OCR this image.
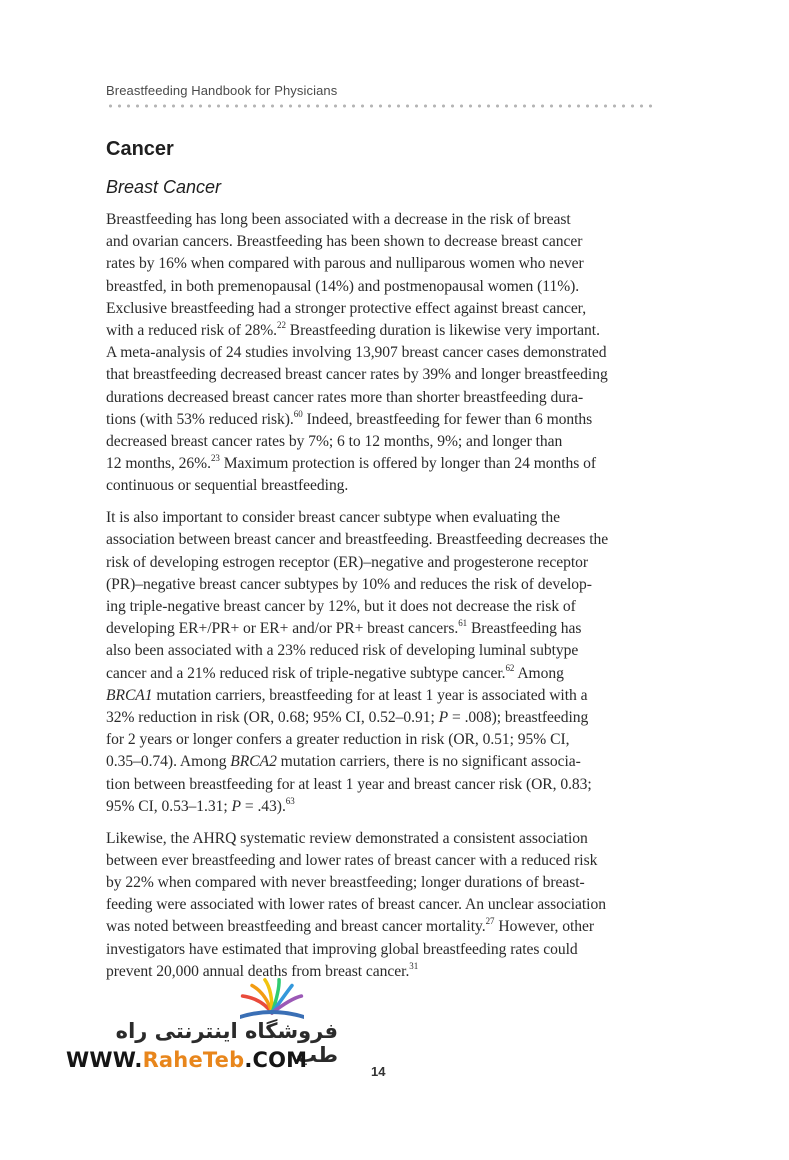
Breastfeeding Handbook for Physicians
Cancer
Breast Cancer

Breastfeeding has long been associated with a decrease in the risk of breast
and ovarian cancers. Breastfeeding has been shown to decrease breast cancer
rates by 16% when compared with parous and nulliparous women who never
breastfed, in both premenopausal (14%) and postmenopausal women (11%).
Exclusive breastfeeding had a stronger protective effect against breast cancer,
with a reduced risk of 28%.$^{22}$ Breastfeeding duration is likewise very important.
A meta-analysis of 24 studies involving 13,907 breast cancer cases demonstrated
that breastfeeding decreased breast cancer rates by 39% and longer breastfeeding
durations decreased breast cancer rates more than shorter breastfeeding dura-
tions (with 53% reduced risk).$^{60}$ Indeed, breastfeeding for fewer than 6 months
decreased breast cancer rates by 7%; 6 to 12 months, 9%; and longer than
12 months, 26%.$^{23}$ Maximum protection is offered by longer than 24 months of
continuous or sequential breastfeeding.

It is also important to consider breast cancer subtype when evaluating the
association between breast cancer and breastfeeding. Breastfeeding decreases the
risk of developing estrogen receptor (ER)–negative and progesterone receptor
(PR)–negative breast cancer subtypes by 10% and reduces the risk of develop-
ing triple-negative breast cancer by 12%, but it does not decrease the risk of
developing ER+/PR+ or ER+ and/or PR+ breast cancers.$^{61}$ Breastfeeding has
also been associated with a 23% reduced risk of developing luminal subtype
cancer and a 21% reduced risk of triple-negative subtype cancer.$^{62}$ Among
BRCA1 mutation carriers, breastfeeding for at least 1 year is associated with a
32% reduction in risk (OR, 0.68; 95% CI, 0.52–0.91; P = .008); breastfeeding
for 2 years or longer confers a greater reduction in risk (OR, 0.51; 95% CI,
0.35–0.74). Among BRCA2 mutation carriers, there is no significant associa-
tion between breastfeeding for at least 1 year and breast cancer risk (OR, 0.83;
95% CI, 0.53–1.31; P = .43).$^{63}$

Likewise, the AHRQ systematic review demonstrated a consistent association
between ever breastfeeding and lower rates of breast cancer with a reduced risk
by 22% when compared with never breastfeeding; longer durations of breast-
feeding were associated with lower rates of breast cancer. An unclear association
was noted between breastfeeding and breast cancer mortality.$^{27}$ However, other
investigators have estimated that improving global breastfeeding rates could
prevent 20,000 annual deaths from breast cancer.$^{31}$

فروشگاه اینترنتی راه طب
WWW.RaheTeb.COM	14
